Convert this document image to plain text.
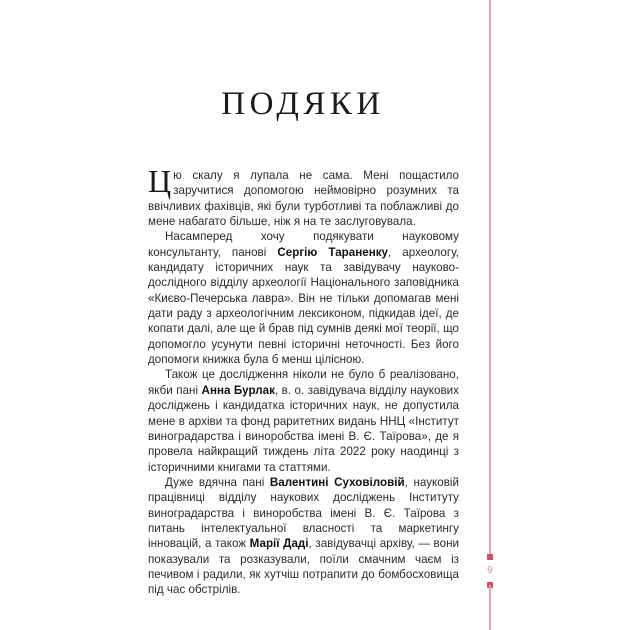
9
ПОДЯКИ

Цю скалу я лупала не сама. Мені пощастило заручитися допомогою неймовірно розумних та ввічливих фахівців, які були турботливі та поблажливі до мене набагато більше, ніж я на те заслуговувала.

Насамперед хочу подякувати науковому консультанту, панові Сергію Тараненку, археологу, кандидату історичних наук та завідувачу науково-дослідного відділу археології Національного заповідника «Києво-Печерська лавра». Він не тільки допомагав мені дати раду з археологічним лексиконом, підкидав ідеї, де копати далі, але ще й брав під сумнів деякі мої теорії, що допомогло усунути певні історичні неточності. Без його допомоги книжка була б менш цілісною.

Також це дослідження ніколи не було б реалізовано, якби пані Анна Бурлак, в. о. завідувача відділу наукових досліджень і кандидатка історичних наук, не допустила мене в архіви та фонд раритетних видань ННЦ «Інститут виноградарства і виноробства імені В. Є. Таїрова», де я провела найкращий тиждень літа 2022 року наодинці з історичними книгами та статтями.

Дуже вдячна пані Валентині Суховіловій, науковій працівниці відділу наукових досліджень Інституту виноградарства і виноробства імені В. Є. Таїрова з питань інтелектуальної власності та маркетингу інновацій, а також Марії Даді, завідувачці архіву, — вони показували та розказували, поїли смачним чаєм із печивом і радили, як хутчіш потрапити до бомбосховища під час обстрілів.
